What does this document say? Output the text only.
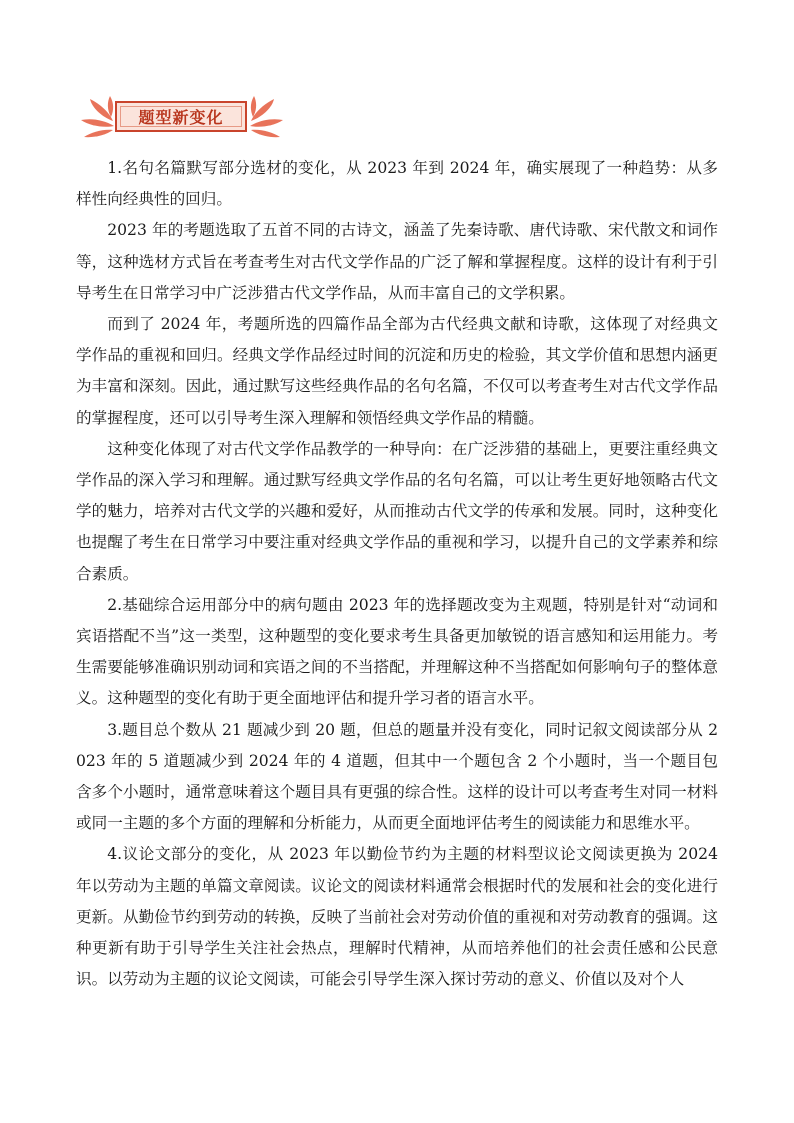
题型新变化

1.名句名篇默写部分选材的变化，从 2023 年到 2024 年，确实展现了一种趋势：从多样性向经典性的回归。

2023 年的考题选取了五首不同的古诗文，涵盖了先秦诗歌、唐代诗歌、宋代散文和词作等，这种选材方式旨在考查考生对古代文学作品的广泛了解和掌握程度。这样的设计有利于引导考生在日常学习中广泛涉猎古代文学作品，从而丰富自己的文学积累。

而到了 2024 年，考题所选的四篇作品全部为古代经典文献和诗歌，这体现了对经典文学作品的重视和回归。经典文学作品经过时间的沉淀和历史的检验，其文学价值和思想内涵更为丰富和深刻。因此，通过默写这些经典作品的名句名篇，不仅可以考查考生对古代文学作品的掌握程度，还可以引导考生深入理解和领悟经典文学作品的精髓。

这种变化体现了对古代文学作品教学的一种导向：在广泛涉猎的基础上，更要注重经典文学作品的深入学习和理解。通过默写经典文学作品的名句名篇，可以让考生更好地领略古代文学的魅力，培养对古代文学的兴趣和爱好，从而推动古代文学的传承和发展。同时，这种变化也提醒了考生在日常学习中要注重对经典文学作品的重视和学习，以提升自己的文学素养和综合素质。

2.基础综合运用部分中的病句题由 2023 年的选择题改变为主观题，特别是针对“动词和宾语搭配不当”这一类型，这种题型的变化要求考生具备更加敏锐的语言感知和运用能力。考生需要能够准确识别动词和宾语之间的不当搭配，并理解这种不当搭配如何影响句子的整体意义。这种题型的变化有助于更全面地评估和提升学习者的语言水平。

3.题目总个数从 21 题减少到 20 题，但总的题量并没有变化，同时记叙文阅读部分从 2023 年的 5 道题减少到 2024 年的 4 道题，但其中一个题包含 2 个小题时，当一个题目包含多个小题时，通常意味着这个题目具有更强的综合性。这样的设计可以考查考生对同一材料或同一主题的多个方面的理解和分析能力，从而更全面地评估考生的阅读能力和思维水平。

4.议论文部分的变化，从 2023 年以勤俭节约为主题的材料型议论文阅读更换为 2024 年以劳动为主题的单篇文章阅读。议论文的阅读材料通常会根据时代的发展和社会的变化进行更新。从勤俭节约到劳动的转换，反映了当前社会对劳动价值的重视和对劳动教育的强调。这种更新有助于引导学生关注社会热点，理解时代精神，从而培养他们的社会责任感和公民意识。以劳动为主题的议论文阅读，可能会引导学生深入探讨劳动的意义、价值以及对个人
